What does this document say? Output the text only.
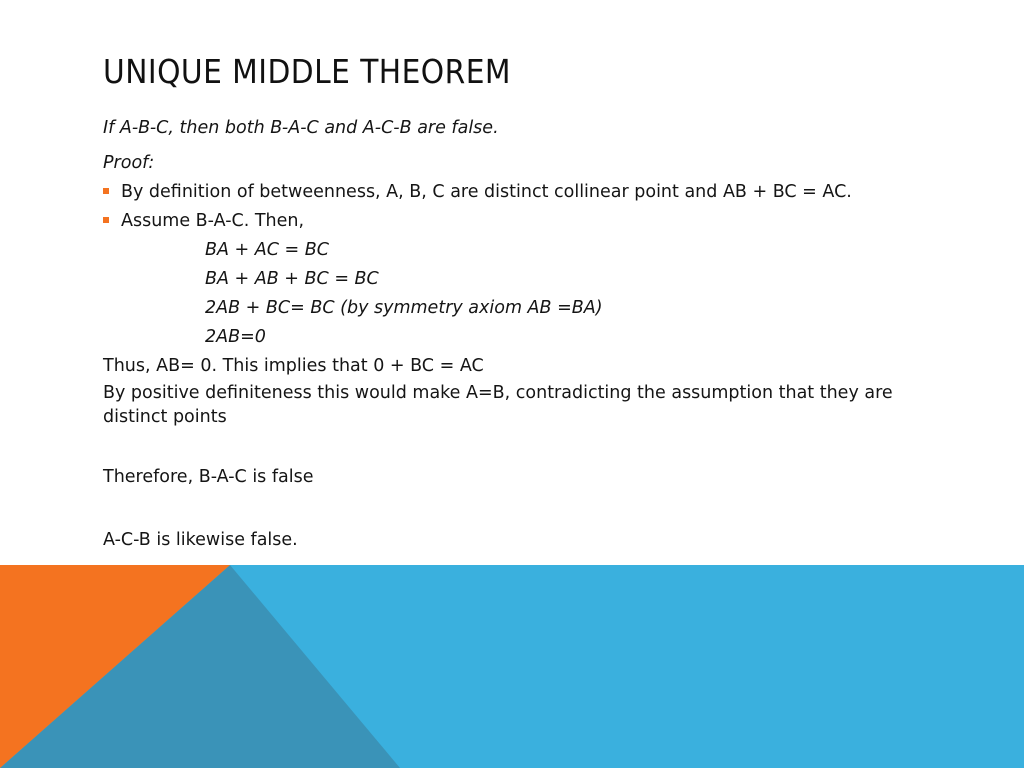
UNIQUE MIDDLE THEOREM
If A-B-C, then both B-A-C and A-C-B are false.
Proof:
By definition of betweenness, A, B, C are distinct collinear point and AB + BC = AC.
Assume B-A-C. Then,
BA + AC = BC
BA + AB + BC = BC
2AB + BC= BC (by symmetry axiom AB =BA)
2AB=0
Thus, AB= 0. This implies that 0 + BC = AC
By positive definiteness this would make A=B, contradicting the assumption that they are distinct points
Therefore, B-A-C is false
A-C-B is likewise false.
